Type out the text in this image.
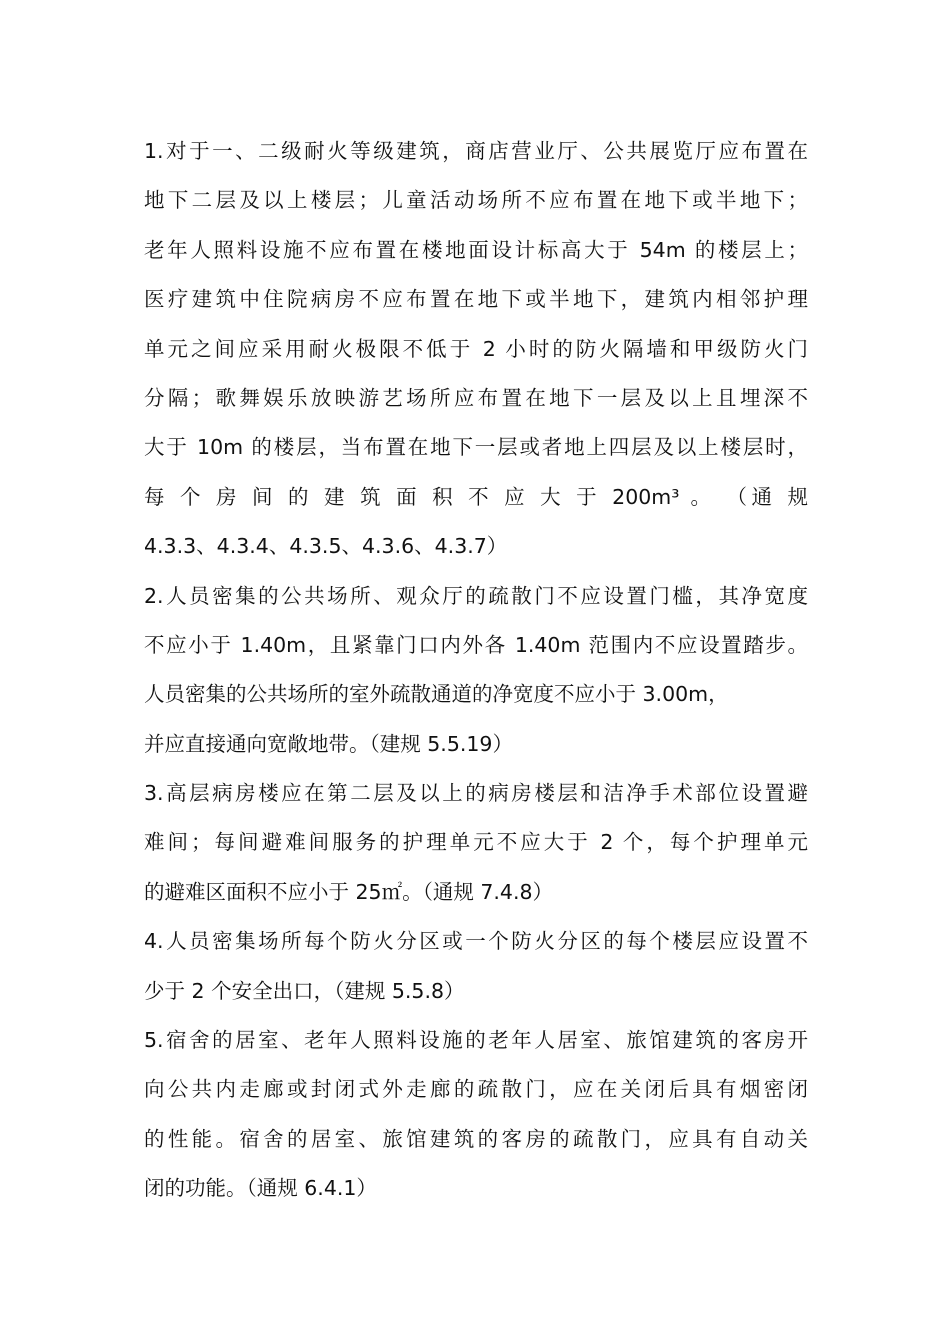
1.对于一、二级耐火等级建筑，商店营业厅、公共展览厅应布置在
地下二层及以上楼层；儿童活动场所不应布置在地下或半地下；
老年人照料设施不应布置在楼地面设计标高大于 54m 的楼层上；
医疗建筑中住院病房不应布置在地下或半地下，建筑内相邻护理
单元之间应采用耐火极限不低于 2 小时的防火隔墙和甲级防火门
分隔；歌舞娱乐放映游艺场所应布置在地下一层及以上且埋深不
大于 10m 的楼层，当布置在地下一层或者地上四层及以上楼层时，
每 个 房 间 的 建 筑 面 积 不 应 大 于 200m³ 。 （通 规
4.3.3、4.3.4、4.3.5、4.3.6、4.3.7）
2.人员密集的公共场所、观众厅的疏散门不应设置门槛，其净宽度
不应小于 1.40m，且紧靠门口内外各 1.40m 范围内不应设置踏步。
人员密集的公共场所的室外疏散通道的净宽度不应小于 3.00m，
并应直接通向宽敞地带。（建规 5.5.19）
3.高层病房楼应在第二层及以上的病房楼层和洁净手术部位设置避
难间；每间避难间服务的护理单元不应大于 2 个，每个护理单元
的避难区面积不应小于 25㎡。（通规 7.4.8）
4.人员密集场所每个防火分区或一个防火分区的每个楼层应设置不
少于 2 个安全出口，（建规 5.5.8）
5.宿舍的居室、老年人照料设施的老年人居室、旅馆建筑的客房开
向公共内走廊或封闭式外走廊的疏散门，应在关闭后具有烟密闭
的性能。宿舍的居室、旅馆建筑的客房的疏散门，应具有自动关
闭的功能。（通规 6.4.1）
